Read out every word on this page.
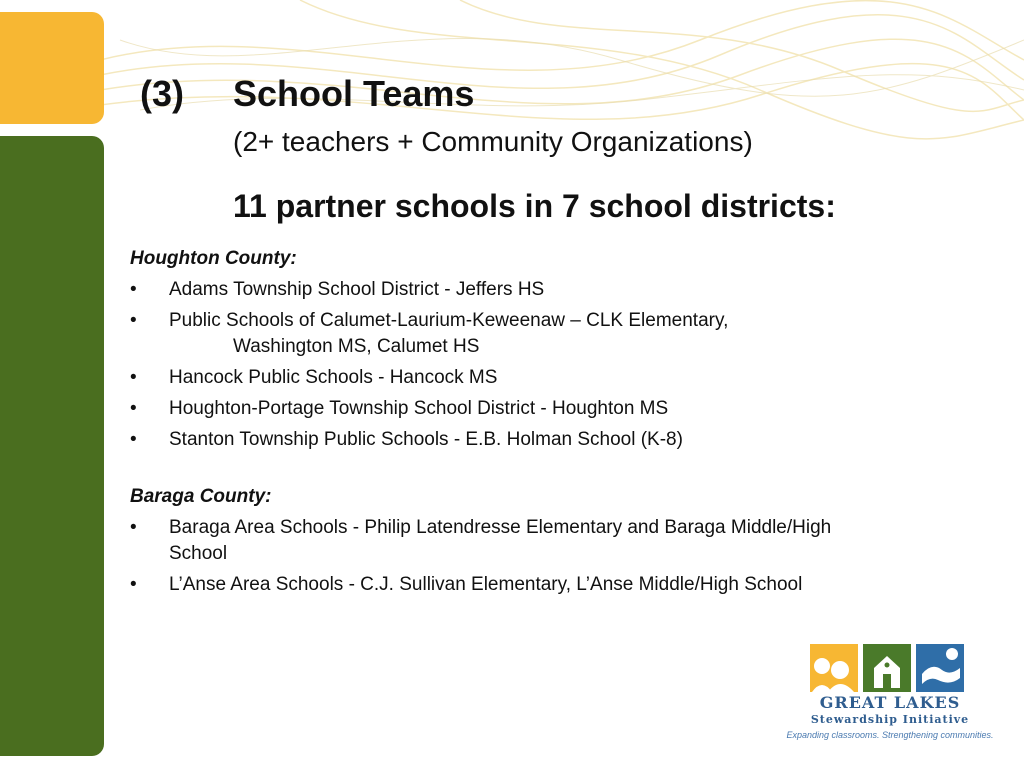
(3) School Teams
(2+ teachers + Community Organizations)
11 partner schools in 7 school districts:
Houghton County:
• Adams Township School District - Jeffers HS
• Public Schools of Calumet-Laurium-Keweenaw – CLK Elementary,
Washington MS, Calumet HS
• Hancock Public Schools - Hancock MS
• Houghton-Portage Township School District - Houghton MS
• Stanton Township Public Schools - E.B. Holman School (K-8)
Baraga County:
• Baraga Area Schools - Philip Latendresse Elementary and Baraga Middle/High School
• L’Anse Area Schools - C.J. Sullivan Elementary, L’Anse Middle/High School
GREAT LAKES
Stewardship Initiative
Expanding classrooms. Strengthening communities.
